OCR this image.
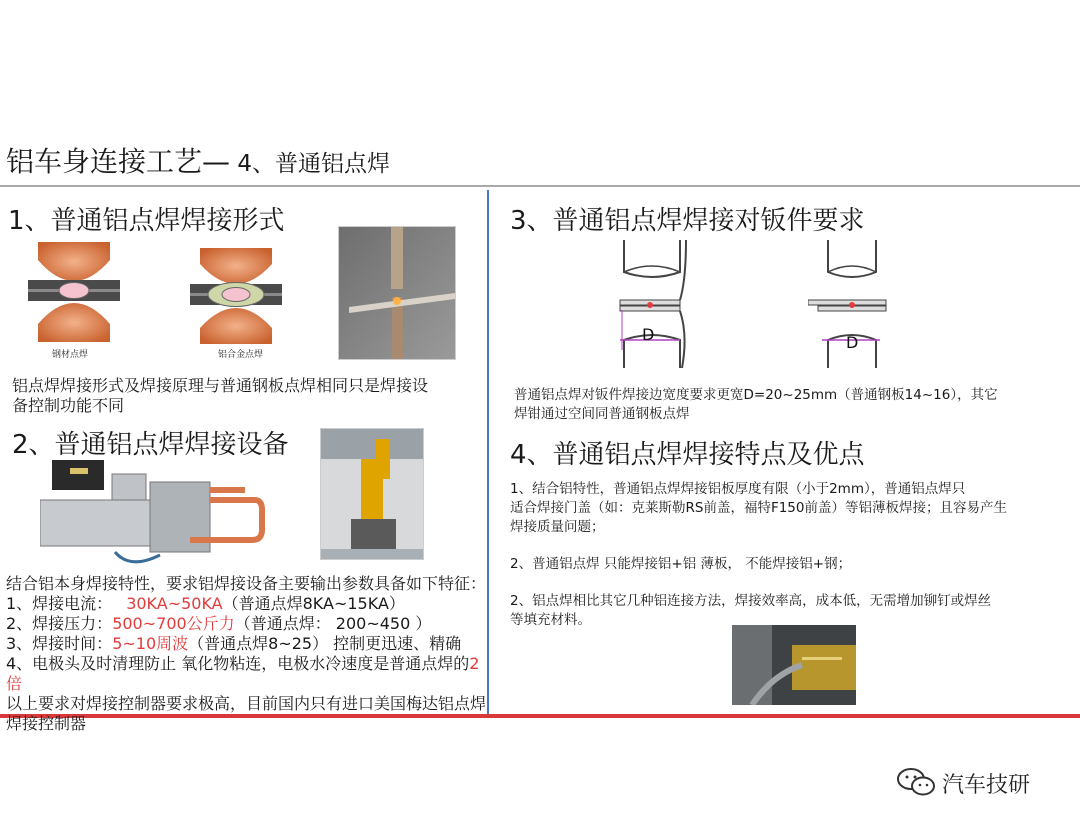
铝车身连接工艺— 4、普通铝点焊
1、普通铝点焊焊接形式
钢材点焊	铝合金点焊
铝点焊焊接形式及焊接原理与普通钢板点焊相同只是焊接设
备控制功能不同
2、普通铝点焊焊接设备
结合铝本身焊接特性，要求铝焊接设备主要输出参数具备如下特征：
1、焊接电流： 30KA~50KA（普通点焊8KA~15KA）
2、焊接压力：500~700公斤力（普通点焊： 200~450 ）
3、焊接时间：5~10周波（普通点焊8~25） 控制更迅速、精确
4、电极头及时清理防止 氧化物粘连，电极水冷速度是普通点焊的2倍
以上要求对焊接控制器要求极高，目前国内只有进口美国梅达铝点焊
焊接控制器
3、普通铝点焊焊接对钣件要求
D	D
普通铝点焊对钣件焊接边宽度要求更宽D=20~25mm（普通钢板14~16），其它
焊钳通过空间同普通钢板点焊
4、普通铝点焊焊接特点及优点
1、结合铝特性，普通铝点焊焊接铝板厚度有限（小于2mm），普通铝点焊只
适合焊接门盖（如：克莱斯勒RS前盖，福特F150前盖）等铝薄板焊接；且容易产生
焊接质量问题；
2、普通铝点焊 只能焊接铝+铝 薄板， 不能焊接铝+钢；
2、铝点焊相比其它几种铝连接方法，焊接效率高，成本低，无需增加铆钉或焊丝
等填充材料。
汽车技研
